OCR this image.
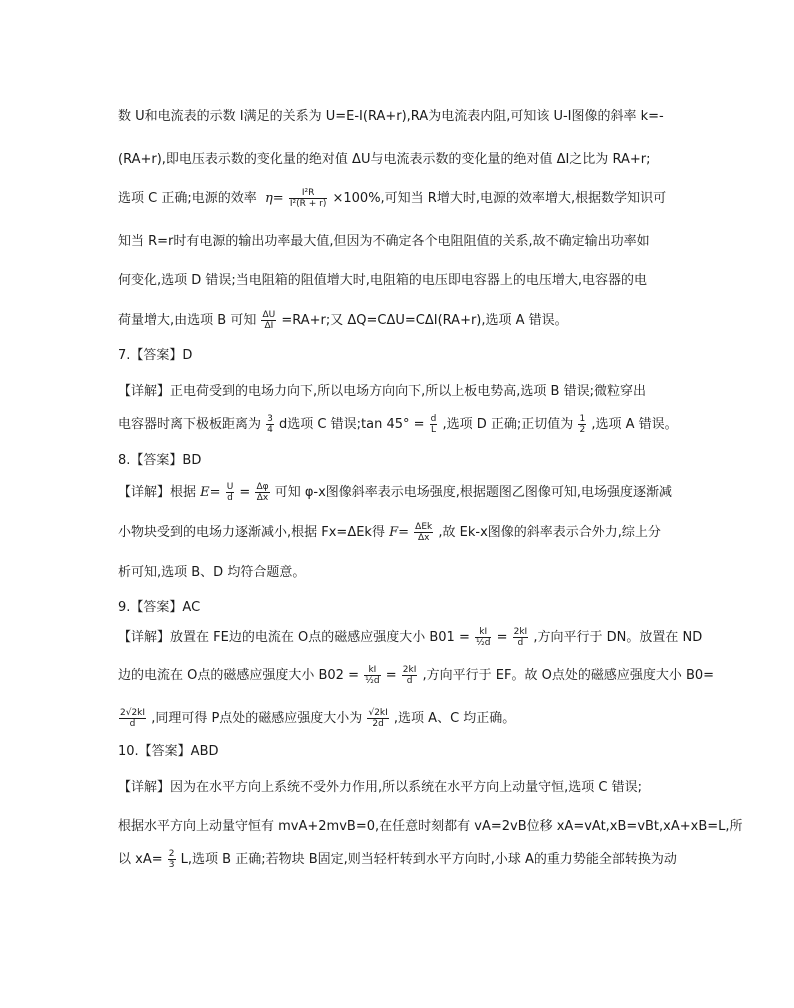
数 U和电流表的示数 I满足的关系为 U=E-I(RA+r),RA为电流表内阻,可知该 U-I图像的斜率 k=-
(RA+r),即电压表示数的变化量的绝对值 ΔU与电流表示数的变化量的绝对值 ΔI之比为 RA+r;
选项 C 正确;电源的效率 $\eta= \frac{\text{I²R}}{\text{I²(R + r)}} \times 100\%$,可知当 R增大时,电源的效率增大,根据数学知识可
知当 R=r时有电源的输出功率最大值,但因为不确定各个电阻阻值的关系,故不确定输出功率如
何变化,选项 D 错误;当电阻箱的阻值增大时,电阻箱的电压即电容器上的电压增大,电容器的电
荷量增大,由选项 B 可知 $\frac{\Delta U}{\Delta I} =RA+r$;又 ΔQ=CΔU=CΔI(RA+r),选项 A 错误。
7.【答案】D
【详解】正电荷受到的电场力向下,所以电场方向向下,所以上板电势高,选项 B 错误;微粒穿出
电容器时离下极板距离为 $\frac{3}{4}$ d选项 C 错误;tan $45^\circ = \frac{d}{L}$ ,选项 D 正确;正切值为 $\frac{1}{2}$ ,选项 A 错误。
8.【答案】BD
【详解】根据 $E= \frac{U}{d} = \frac{\Delta\varphi}{\Delta x}$ 可知 φ-x图像斜率表示电场强度,根据题图乙图像可知,电场强度逐渐减
小物块受到的电场力逐渐减小,根据 Fx=ΔEk得 $F= \frac{\text{ΔEk}}{\Delta x}$ ,故 Ek-x图像的斜率表示合外力,综上分
析可知,选项 B、D 均符合题意。
9.【答案】AC
【详解】放置在 FE边的电流在 O点的磁感应强度大小 $B01 = \frac{kI}{\text{½d}} = \frac{2kI}{d}$ ,方向平行于 DN。放置在 ND
边的电流在 O点的磁感应强度大小 $B02 = \frac{kI}{\text{½d}} = \frac{2kI}{d}$ ,方向平行于 EF。故 O点处的磁感应强度大小 B0=
$\frac{2√2kI}{d}$ ,同理可得 P点处的磁感应强度大小为 $\frac{√2kI}{2d}$ ,选项 A、C 均正确。
10.【答案】ABD
【详解】因为在水平方向上系统不受外力作用,所以系统在水平方向上动量守恒,选项 C 错误;
根据水平方向上动量守恒有 mvA+2mvB=0,在任意时刻都有 vA=2vB位移 xA=vAt,xB=vBt,xA+xB=L,所
以 $xA= \frac{2}{3} L$,选项 B 正确;若物块 B固定,则当轻杆转到水平方向时,小球 A的重力势能全部转换为动
